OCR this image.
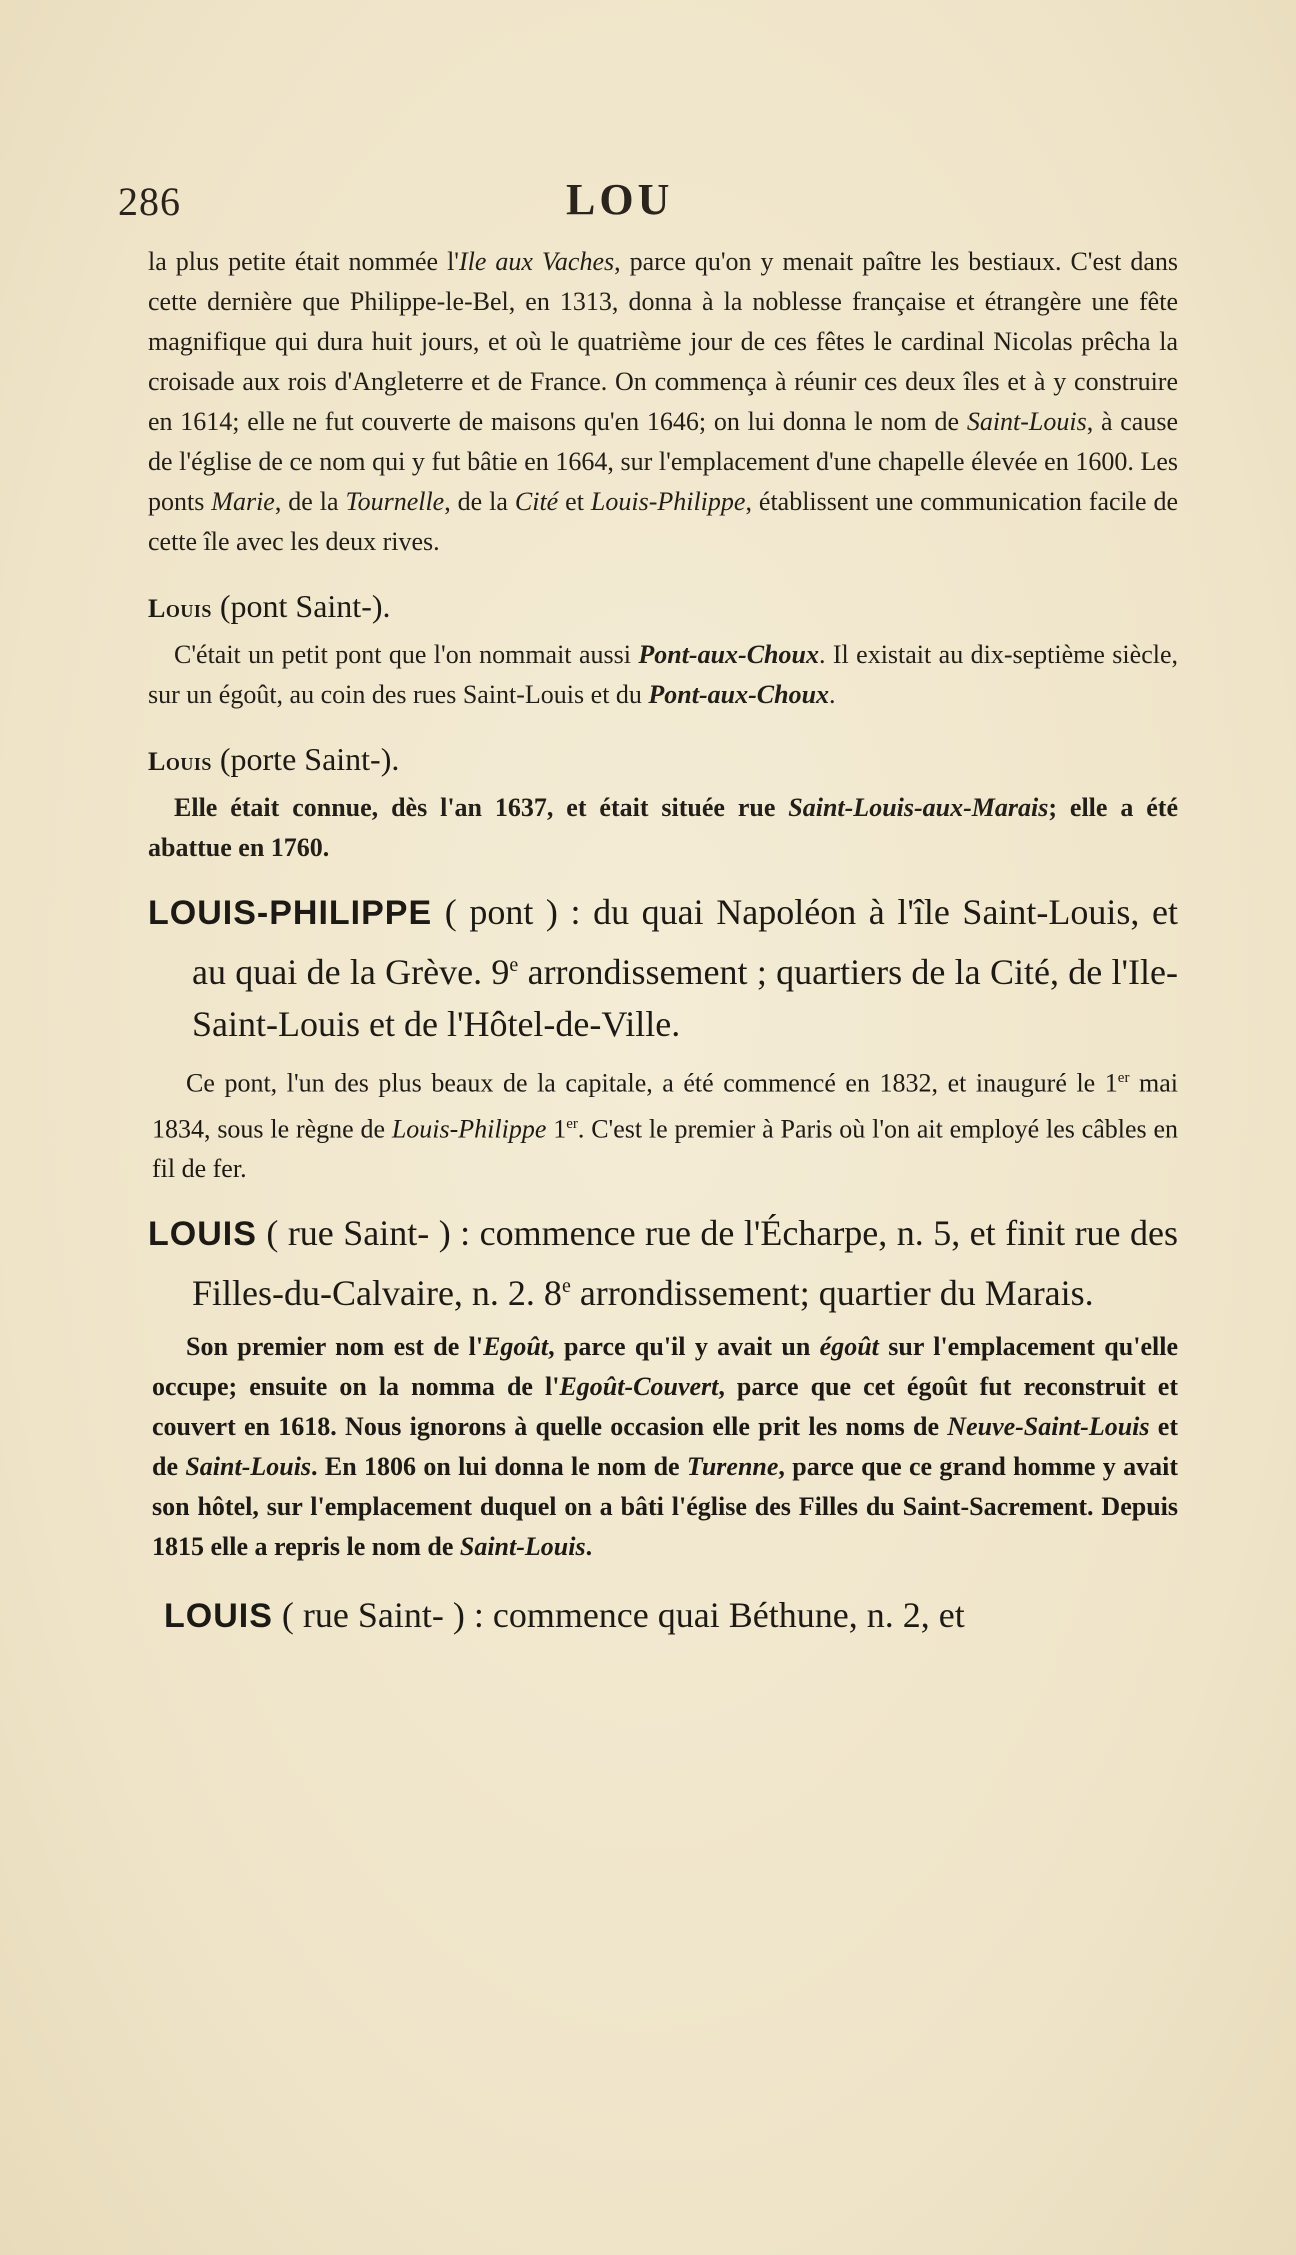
286	LOU

la plus petite était nommée l'Ile aux Vaches, parce qu'on y menait paître les bestiaux. C'est dans cette dernière que Philippe-le-Bel, en 1313, donna à la noblesse française et étrangère une fête magnifique qui dura huit jours, et où le quatrième jour de ces fêtes le cardinal Nicolas prêcha la croisade aux rois d'Angleterre et de France. On commença à réunir ces deux îles et à y construire en 1614; elle ne fut couverte de maisons qu'en 1646; on lui donna le nom de Saint-Louis, à cause de l'église de ce nom qui y fut bâtie en 1664, sur l'emplacement d'une chapelle élevée en 1600. Les ponts Marie, de la Tournelle, de la Cité et Louis-Philippe, établissent une communication facile de cette île avec les deux rives.

Louis (pont Saint-).

C'était un petit pont que l'on nommait aussi Pont-aux-Choux. Il existait au dix-septième siècle, sur un égoût, au coin des rues Saint-Louis et du Pont-aux-Choux.

Louis (porte Saint-).

Elle était connue, dès l'an 1637, et était située rue Saint-Louis-aux-Marais; elle a été abattue en 1760.

LOUIS-PHILIPPE ( pont ) : du quai Napoléon à l'île Saint-Louis, et au quai de la Grève. 9e arrondissement ; quartiers de la Cité, de l'Ile-Saint-Louis et de l'Hôtel-de-Ville.

Ce pont, l'un des plus beaux de la capitale, a été commencé en 1832, et inauguré le 1er mai 1834, sous le règne de Louis-Philippe 1er. C'est le premier à Paris où l'on ait employé les câbles en fil de fer.

LOUIS ( rue Saint- ) : commence rue de l'Écharpe, n. 5, et finit rue des Filles-du-Calvaire, n. 2. 8e arrondissement; quartier du Marais.

Son premier nom est de l'Egoût, parce qu'il y avait un égoût sur l'emplacement qu'elle occupe; ensuite on la nomma de l'Egoût-Couvert, parce que cet égoût fut reconstruit et couvert en 1618. Nous ignorons à quelle occasion elle prit les noms de Neuve-Saint-Louis et de Saint-Louis. En 1806 on lui donna le nom de Turenne, parce que ce grand homme y avait son hôtel, sur l'emplacement duquel on a bâti l'église des Filles du Saint-Sacrement. Depuis 1815 elle a repris le nom de Saint-Louis.

LOUIS ( rue Saint- ) : commence quai Béthune, n. 2, et
